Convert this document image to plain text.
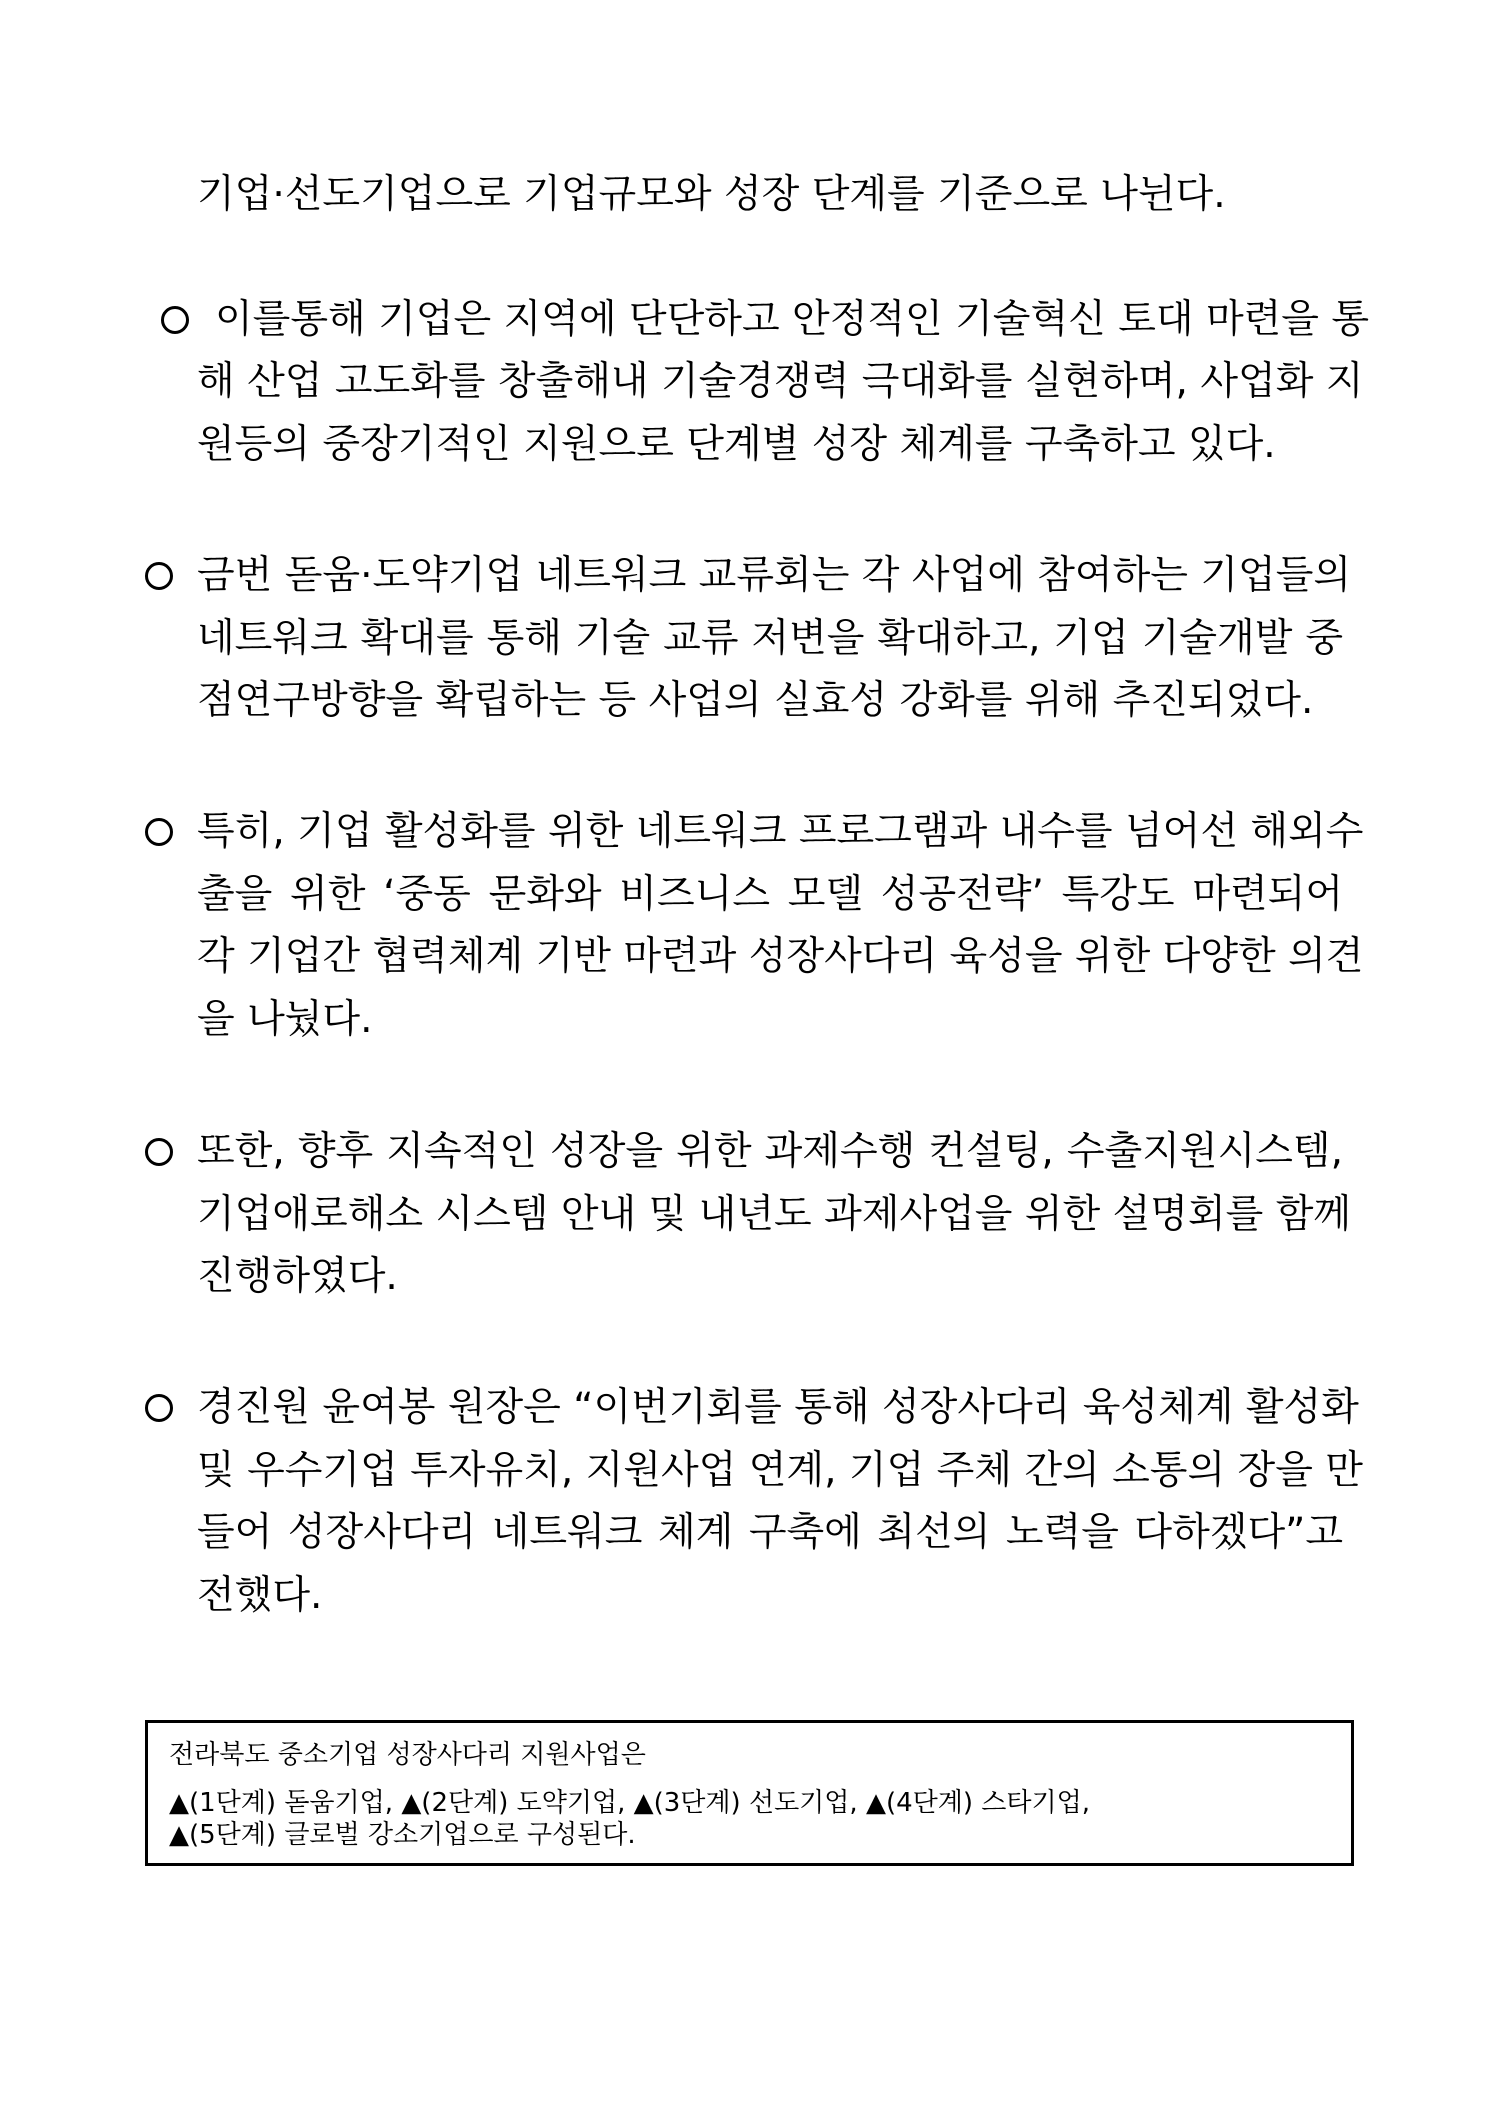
기업·선도기업으로 기업규모와 성장 단계를 기준으로 나뉜다.
이를통해 기업은 지역에 단단하고 안정적인 기술혁신 토대 마련을 통
해 산업 고도화를 창출해내 기술경쟁력 극대화를 실현하며, 사업화 지
원등의 중장기적인 지원으로 단계별 성장 체계를 구축하고 있다.
금번 돋움·도약기업 네트워크 교류회는 각 사업에 참여하는 기업들의
네트워크 확대를 통해 기술 교류 저변을 확대하고, 기업 기술개발 중
점연구방향을 확립하는 등 사업의 실효성 강화를 위해 추진되었다.
특히, 기업 활성화를 위한 네트워크 프로그램과 내수를 넘어선 해외수
출을 위한 ‘중동 문화와 비즈니스 모델 성공전략’ 특강도 마련되어
각 기업간 협력체계 기반 마련과 성장사다리 육성을 위한 다양한 의견
을 나눴다.
또한, 향후 지속적인 성장을 위한 과제수행 컨설팅, 수출지원시스템,
기업애로해소 시스템 안내 및 내년도 과제사업을 위한 설명회를 함께
진행하였다.
경진원 윤여봉 원장은 “이번기회를 통해 성장사다리 육성체계 활성화
및 우수기업 투자유치, 지원사업 연계, 기업 주체 간의 소통의 장을 만
들어 성장사다리 네트워크 체계 구축에 최선의 노력을 다하겠다”고
전했다.
전라북도 중소기업 성장사다리 지원사업은
▲(1단계) 돋움기업, ▲(2단계) 도약기업, ▲(3단계) 선도기업, ▲(4단계) 스타기업,
▲(5단계) 글로벌 강소기업으로 구성된다.
